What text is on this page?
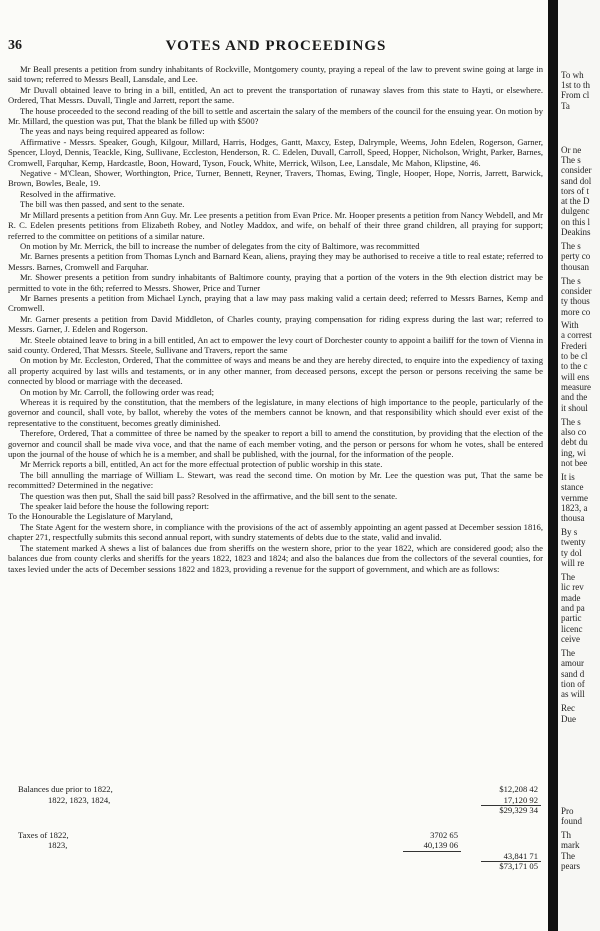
36	VOTES AND PROCEEDINGS

Mr Beall presents a petition from sundry inhabitants of Rockville, Montgomery county, praying a repeal of the law to prevent swine going at large in said town; referred to Messrs Beall, Lansdale, and Lee.

Mr Duvall obtained leave to bring in a bill, entitled, An act to prevent the transportation of runaway slaves from this state to Hayti, or elsewhere. Ordered, That Messrs. Duvall, Tingle and Jarrett, report the same.

The house proceeded to the second reading of the bill to settle and ascertain the salary of the members of the council for the ensuing year. On motion by Mr. Millard, the question was put, That the blank be filled up with $500?

The yeas and nays being required appeared as follow:

Affirmative - Messrs. Speaker, Gough, Kilgour, Millard, Harris, Hodges, Gantt, Maxcy, Estep, Dalrymple, Weems, John Edelen, Rogerson, Garner, Spencer, Lloyd, Dennis, Teackle, King, Sullivane, Eccleston, Henderson, R. C. Edelen, Duvall, Carroll, Speed, Hopper, Nicholson, Wright, Parker, Barnes, Cromwell, Farquhar, Kemp, Hardcastle, Boon, Howard, Tyson, Fouck, White, Merrick, Wilson, Lee, Lansdale, Mc Mahon, Klipstine, 46.

Negative - M'Clean, Shower, Worthington, Price, Turner, Bennett, Reyner, Travers, Thomas, Ewing, Tingle, Hooper, Hope, Norris, Jarrett, Barwick, Brown, Bowles, Beale, 19.

Resolved in the affirmative.

The bill was then passed, and sent to the senate.

Mr Millard presents a petition from Ann Guy. Mr. Lee presents a petition from Evan Price. Mr. Hooper presents a petition from Nancy Webdell, and Mr R. C. Edelen presents petitions from Elizabeth Robey, and Notley Maddox, and wife, on behalf of their three grand children, all praying for support; referred to the committee on petitions of a similar nature.

On motion by Mr. Merrick, the bill to increase the number of delegates from the city of Baltimore, was recommitted

Mr. Barnes presents a petition from Thomas Lynch and Barnard Kean, aliens, praying they may be authorised to receive a title to real estate; referred to Messrs. Barnes, Cromwell and Farquhar.

Mr. Shower presents a petition from sundry inhabitants of Baltimore county, praying that a portion of the voters in the 9th election district may be permitted to vote in the 6th; referred to Messrs. Shower, Price and Turner

Mr Barnes presents a petition from Michael Lynch, praying that a law may pass making valid a certain deed; referred to Messrs Barnes, Kemp and Cromwell.

Mr. Garner presents a petition from David Middleton, of Charles county, praying compensation for riding express during the last war; referred to Messrs. Garner, J. Edelen and Rogerson.

Mr. Steele obtained leave to bring in a bill entitled, An act to empower the levy court of Dorchester county to appoint a bailiff for the town of Vienna in said county. Ordered, That Messrs. Steele, Sullivane and Travers, report the same

On motion by Mr. Eccleston, Ordered, That the committee of ways and means be and they are hereby directed, to enquire into the expediency of taxing all property acquired by last wills and testaments, or in any other manner, from deceased persons, except the person or persons receiving the same be connected by blood or marriage with the deceased.

On motion by Mr. Carroll, the following order was read;

Whereas it is required by the constitution, that the members of the legislature, in many elections of high importance to the people, particularly of the governor and council, shall vote, by ballot, whereby the votes of the members cannot be known, and that responsibility which should ever exist of the representative to the constituent, becomes greatly diminished.

Therefore, Ordered, That a committee of three be named by the speaker to report a bill to amend the constitution, by providing that the election of the governor and council shall be made viva voce, and that the name of each member voting, and the person or persons for whom he votes, shall be entered upon the journal of the house of which he is a member, and shall be published, with the journal, for the information of the people.

Mr Merrick reports a bill, entitled, An act for the more effectual protection of public worship in this state.

The bill annulling the marriage of William L. Stewart, was read the second time. On motion by Mr. Lee the question was put, That the same be recommitted? Determined in the negative:

The question was then put, Shall the said bill pass? Resolved in the affirmative, and the bill sent to the senate.

The speaker laid before the house the following report:

To the Honourable the Legislature of Maryland,

The State Agent for the western shore, in compliance with the provisions of the act of assembly appointing an agent passed at December session 1816, chapter 271, respectfully submits this second annual report, with sundry statements of debts due to the state, valid and invalid.

The statement marked A shews a list of balances due from sheriffs on the western shore, prior to the year 1822, which are considered good; also the balances due from county clerks and sheriffs for the years 1822, 1823 and 1824; and also the balances due from the collectors of the several counties, for taxes levied under the acts of December sessions 1822 and 1823, providing a revenue for the support of government, and which are as follows:

Balances due prior to 1822,	$12,208 42
1822, 1823, 1824,	17,120 92
$29,329 34
Taxes of 1822,	3702 65
1823,	40,139 06
43,841 71
$73,171 05
To wh
1st to th
From cl
Ta
Or ne
The s
consider
sand dol
tors of t
at the D
dulgenc
on this l
Deakins
The s
perty co
thousan
The s
consider
ty thous
more co
With
a correst
Frederi
to be cl
to the c
will ens
measure
and the
it shoul
The s
also co
debt du
ing, wi
not bee
It is
stance
vernme
1823, a
thousa
By s
twenty
ty dol
will re
The
lic rev
made
and pa
partic
licenc
ceive
The
amour
sand d
tion of
as will
Rec
Due
Pro
found
Th
mark
The
pears
